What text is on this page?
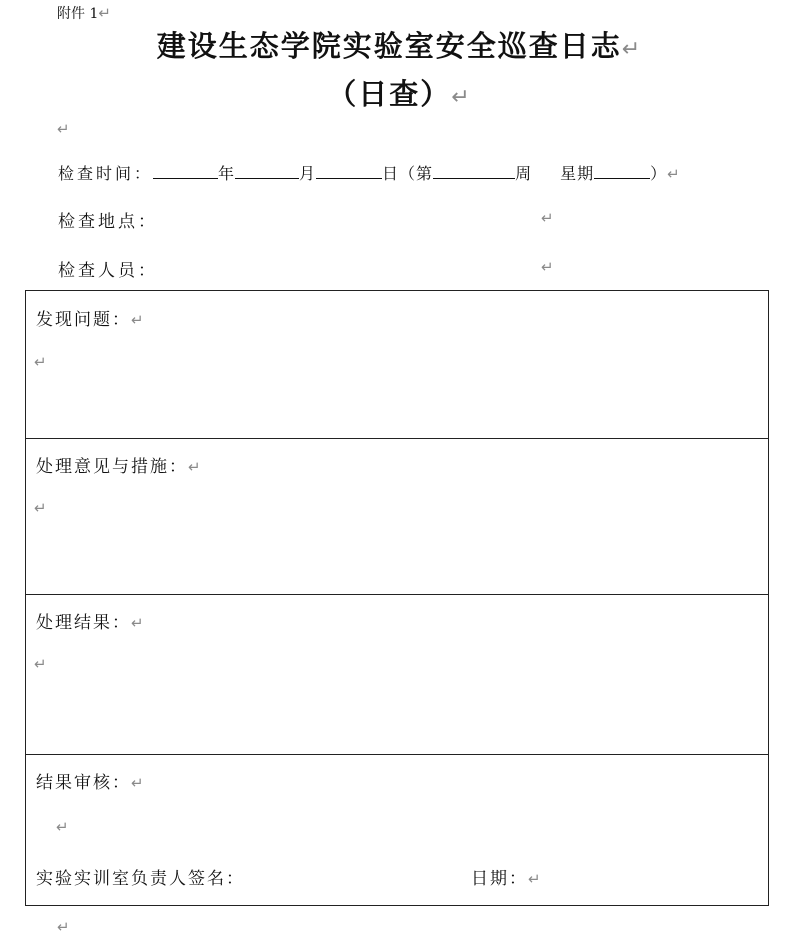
附件 1↵
建设生态学院实验室安全巡查日志↵
（日查）↵
↵
检查时间：	年	月	日（第	周 星期	）↵
检查地点：	↵
检查人员：	↵
发现问题：↵
↵
处理意见与措施：↵
↵
处理结果：↵
↵
结果审核：↵
↵
实验实训室负责人签名：	日期：↵
↵
